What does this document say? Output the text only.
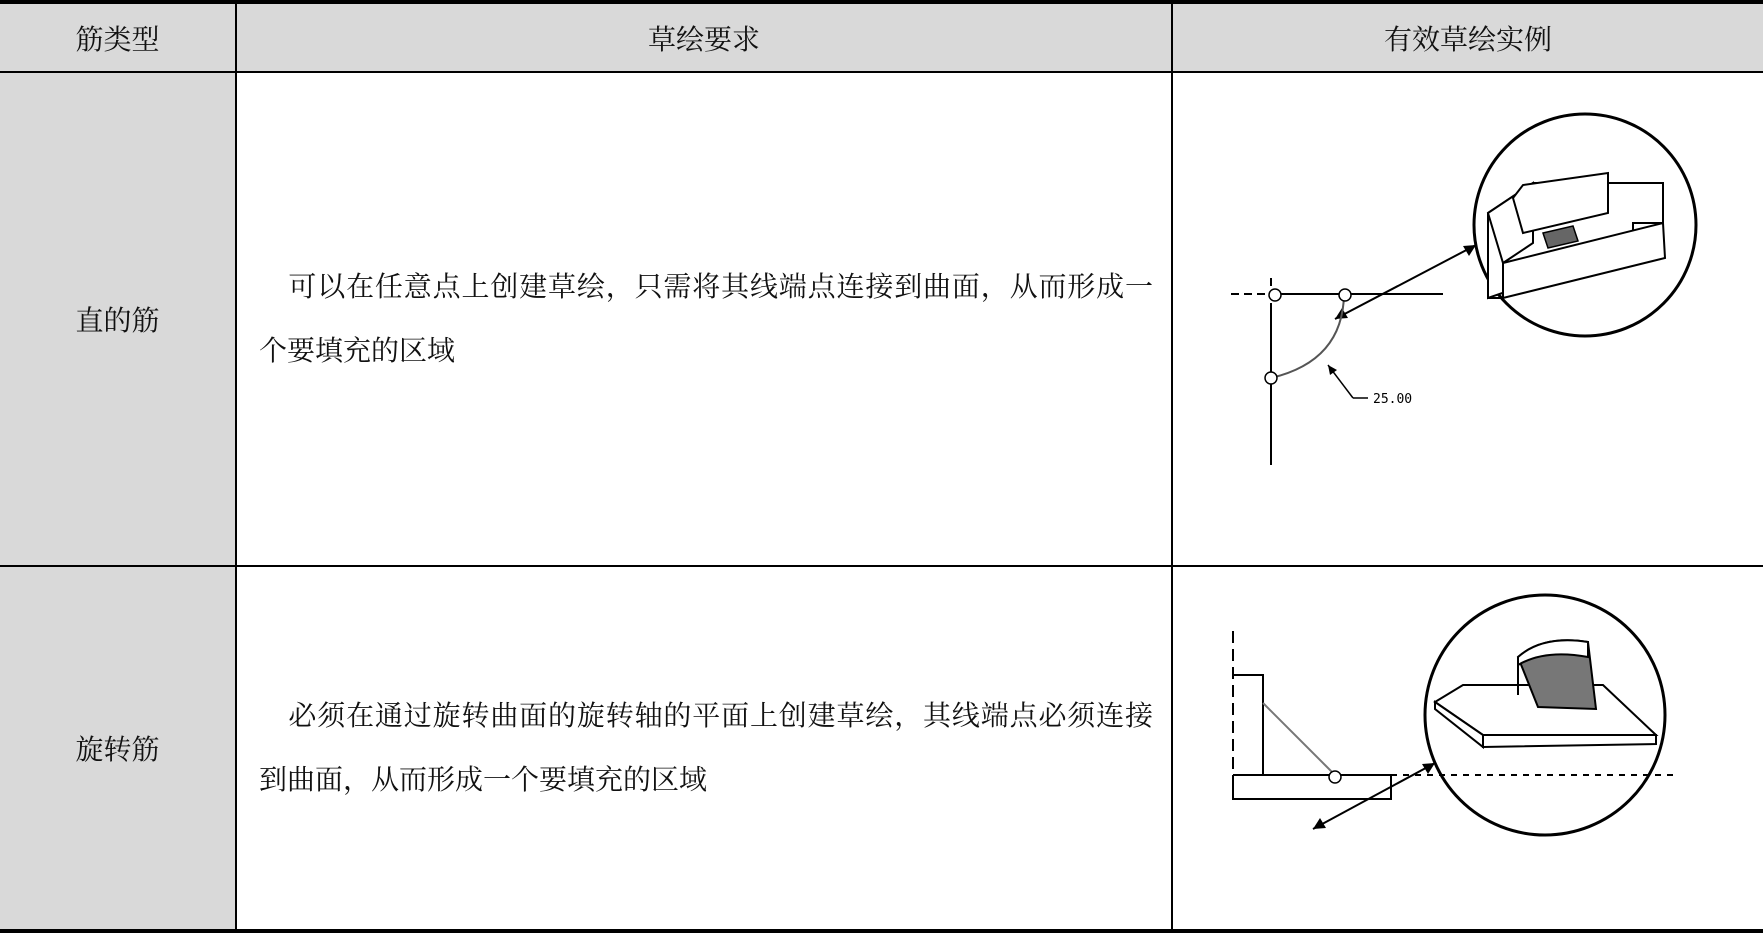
筋类型	草绘要求	有效草绘实例
直的筋
可以在任意点上创建草绘，只需将其线端点连接到曲面，从而形成一个要填充的区域
25.00
旋转筋
必须在通过旋转曲面的旋转轴的平面上创建草绘，其线端点必须连接到曲面，从而形成一个要填充的区域
